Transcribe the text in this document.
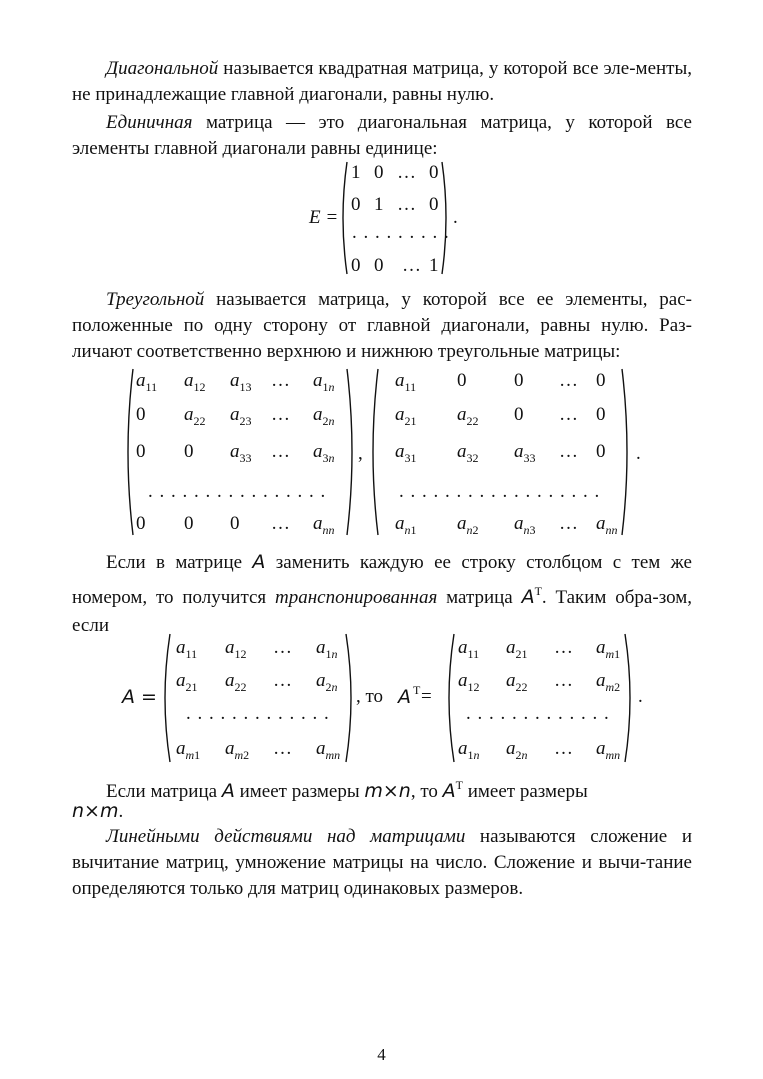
Диагональной называется квадратная матрица, у которой все эле-менты, не принадлежащие главной диагонали, равны нулю.

Единичная матрица — это диагональная матрица, у которой все элементы главной диагонали равны единице:

E =
1 0 … 0
0 1 … 0
. . . . . . . . .
0 0 … 1
.

Треугольной называется матрица, у которой все ее элементы, рас-положенные по одну сторону от главной диагонали, равны нулю. Раз-личают соответственно верхнюю и нижнюю треугольные матрицы:

$a_{11}$ $a_{12}$ $a_{13}$ … $a_{1n}$
0 $a_{22}$ $a_{23}$ … $a_{2n}$
0 0 $a_{33}$ … $a_{3n}$
0 0 0 … $a_{nn}$
. . . . . . . . . . . . . . . .
,
$a_{11}$ 0	0 … 0
$a_{21}$ $a_{22}$ 0 … 0
$a_{31}$ $a_{32}$ $a_{33}$ … 0
$a_{n1}$ $a_{n2}$ $a_{n3}$ … $a_{nn}$
. . . . . . . . . . . . . . . . . .
.

Если в матрице A заменить каждую ее строку столбцом с тем же номером, то получится транспонированная матрица $A^T$. Таким обра-зом, если

A =
$a_{11}$ $a_{12}$ … $a_{1n}$
$a_{21}$ $a_{22}$ … $a_{2n}$
$a_{m1}$ $a_{m2}$ … $a_{mn}$
. . . . . . . . . . . . .
, то A T =
$a_{11}$ $a_{21}$ … $a_{m1}$
$a_{12}$ $a_{22}$ … $a_{m2}$
$a_{1n}$ $a_{2n}$ … $a_{mn}$
. . . . . . . . . . . . .
.

Если матрица A имеет размеры m×n, то $A^T$ имеет размеры

n×m.

Линейными действиями над матрицами называются сложение и вычитание матриц, умножение матрицы на число. Сложение и вычи-тание определяются только для матриц одинаковых размеров.

4
